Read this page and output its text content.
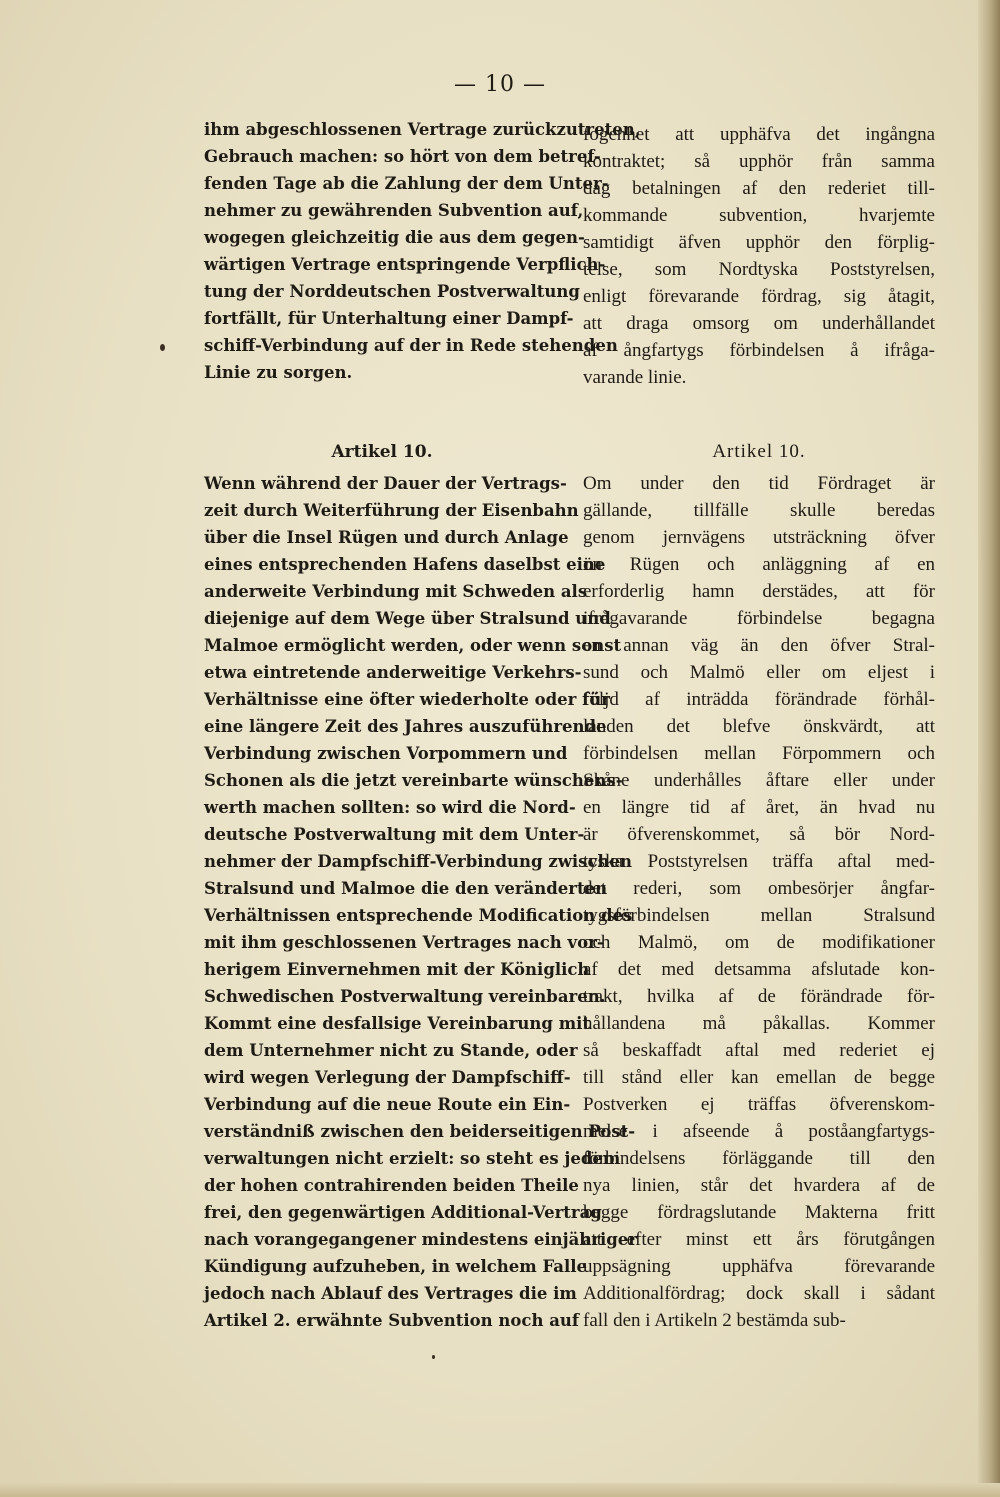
— 10 —
ihm abgeschlossenen Vertrage zurückzutreten,
Gebrauch machen: so hört von dem betref-
fenden Tage ab die Zahlung der dem Unter-
nehmer zu gewährenden Subvention auf,
wogegen gleichzeitig die aus dem gegen-
wärtigen Vertrage entspringende Verpflich-
tung der Norddeutschen Postverwaltung
fortfällt, für Unterhaltung einer Dampf-
schiff-Verbindung auf der in Rede stehenden
Linie zu sorgen.
Artikel 10.
Wenn während der Dauer der Vertrags-
zeit durch Weiterführung der Eisenbahn
über die Insel Rügen und durch Anlage
eines entsprechenden Hafens daselbst eine
anderweite Verbindung mit Schweden als
diejenige auf dem Wege über Stralsund und
Malmoe ermöglicht werden, oder wenn sonst
etwa eintretende anderweitige Verkehrs-
Verhältnisse eine öfter wiederholte oder für
eine längere Zeit des Jahres auszuführende
Verbindung zwischen Vorpommern und
Schonen als die jetzt vereinbarte wünschens-
werth machen sollten: so wird die Nord-
deutsche Postverwaltung mit dem Unter-
nehmer der Dampfschiff-Verbindung zwischen
Stralsund und Malmoe die den veränderten
Verhältnissen entsprechende Modification des
mit ihm geschlossenen Vertrages nach vor-
herigem Einvernehmen mit der Königlich
Schwedischen Postverwaltung vereinbaren.
Kommt eine desfallsige Vereinbarung mit
dem Unternehmer nicht zu Stande, oder
wird wegen Verlegung der Dampfschiff-
Verbindung auf die neue Route ein Ein-
verständniß zwischen den beiderseitigen Post-
verwaltungen nicht erzielt: so steht es jedem
der hohen contrahirenden beiden Theile
frei, den gegenwärtigen Additional-Vertrag
nach vorangegangener mindestens einjähriger
Kündigung aufzuheben, in welchem Falle
jedoch nach Ablauf des Vertrages die im
Artikel 2. erwähnte Subvention noch auf
fogenhet att upphäfva det ingångna
kontraktet; så upphör från samma
dag betalningen af den rederiet till-
kommande subvention, hvarjemte
samtidigt äfven upphör den förplig-
telse, som Nordtyska Poststyrelsen,
enligt förevarande fördrag, sig åtagit,
att draga omsorg om underhållandet
af ångfartygs förbindelsen å ifråga-
varande linie.
Artikel 10.
Om under den tid Fördraget är
gällande, tillfälle skulle beredas
genom jernvägens utsträckning öfver
ön Rügen och anläggning af en
erforderlig hamn derstädes, att för
ifrågavarande förbindelse begagna
en annan väg än den öfver Stral-
sund och Malmö eller om eljest i
följd af inträdda förändrade förhål-
landen det blefve önskvärdt, att
förbindelsen mellan Förpommern och
Skåne underhålles åftare eller under
en längre tid af året, än hvad nu
är öfverenskommet, så bör Nord-
tyska Poststyrelsen träffa aftal med-
det rederi, som ombesörjer ångfar-
tygsförbindelsen mellan Stralsund
och Malmö, om de modifikationer
af det med detsamma afslutade kon-
trakt, hvilka af de förändrade för-
hållandena må påkallas. Kommer
så beskaffadt aftal med rederiet ej
till stånd eller kan emellan de begge
Postverken ej träffas öfverenskom-
melse i afseende å poståangfartygs-
förbindelsens förläggande till den
nya linien, står det hvardera af de
begge fördragslutande Makterna fritt
att efter minst ett års förutgången
uppsägning upphäfva förevarande
Additionalfördrag; dock skall i sådant
fall den i Artikeln 2 bestämda sub-
